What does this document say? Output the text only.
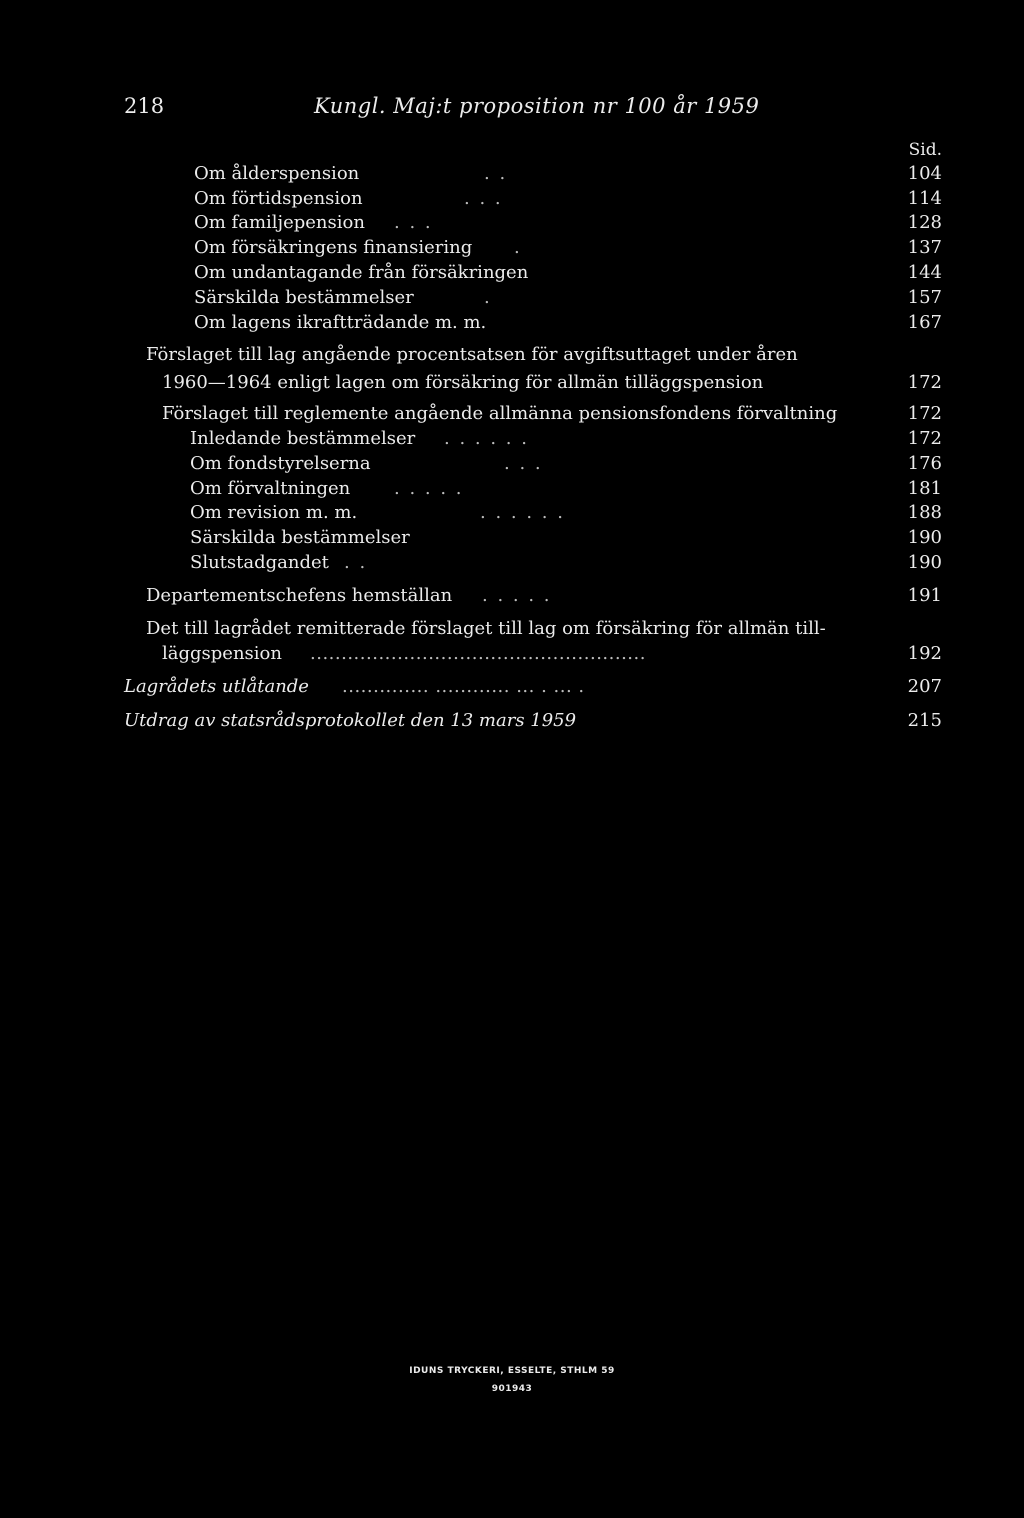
218	Kungl. Maj:t proposition nr 100 år 1959
Sid.
Om ålderspension	. .	104
Om förtidspension	. . .	114
Om familjepension . . .	128
Om försäkringens finansiering .	137
Om undantagande från försäkringen	144
Särskilda bestämmelser	.	157
Om lagens ikraftträdande m. m.	167
Förslaget till lag angående procentsatsen för avgiftsuttaget under åren
1960—1964 enligt lagen om försäkring för allmän tilläggspension	172
Förslaget till reglemente angående allmänna pensionsfondens förvaltning	172
Inledande bestämmelser . . . . . .	172
Om fondstyrelserna	. . .	176
Om förvaltningen . . . . .	181
Om revision m. m.	. . . . . .	188
Särskilda bestämmelser	190
Slutstadgandet . .	190
Departementschefens hemställan . . . . .	191
Det till lagrådet remitterade förslaget till lag om försäkring för allmän till-
läggspension ......................................................	192
Lagrådets utlåtande .............. ............ ... . ... .	207
Utdrag av statsrådsprotokollet den 13 mars 1959	215
IDUNS TRYCKERI, ESSELTE, STHLM 59
901943
